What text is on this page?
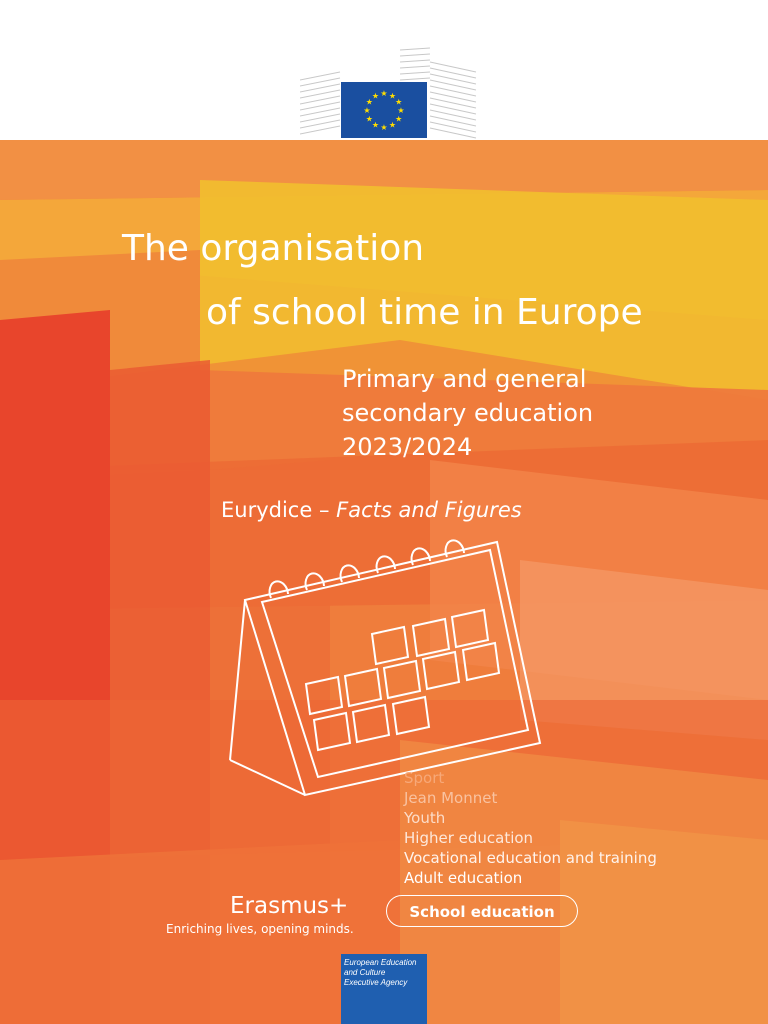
★
★
★
★
★
★
★
★
★ ★ ★
★
The organisation
of school time in Europe
Primary and general
secondary education
2023/2024
Eurydice – Facts and Figures
Sport
Jean Monnet
Youth
Higher education
Vocational education and training
Adult education
School education
Erasmus+
Enriching lives, opening minds.
European Education
and Culture
Executive Agency
